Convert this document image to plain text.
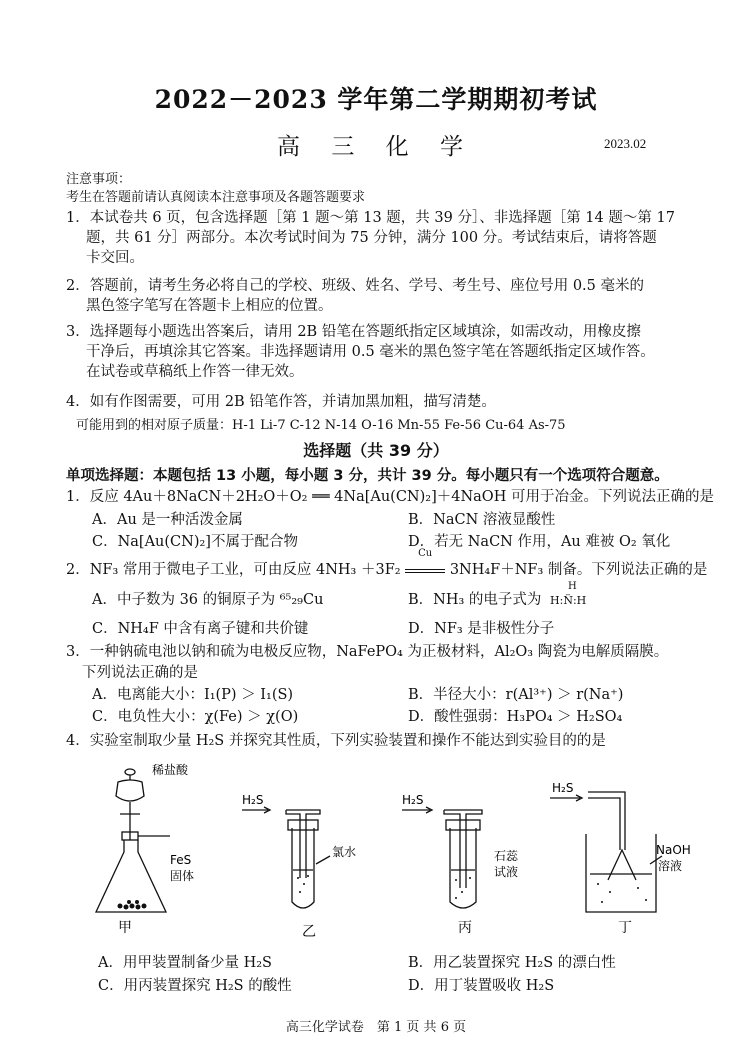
2022－2023 学年第二学期期初考试
高 三 化 学	2023.02
注意事项：
考生在答题前请认真阅读本注意事项及各题答题要求
1．本试卷共 6 页，包含选择题［第 1 题～第 13 题，共 39 分］、非选择题［第 14 题～第 17
题，共 61 分］两部分。本次考试时间为 75 分钟，满分 100 分。考试结束后，请将答题
卡交回。
2．答题前，请考生务必将自己的学校、班级、姓名、学号、考生号、座位号用 0.5 毫米的
黑色签字笔写在答题卡上相应的位置。
3．选择题每小题选出答案后，请用 2B 铅笔在答题纸指定区域填涂，如需改动，用橡皮擦
干净后，再填涂其它答案。非选择题请用 0.5 毫米的黑色签字笔在答题纸指定区域作答。
在试卷或草稿纸上作答一律无效。
4．如有作图需要，可用 2B 铅笔作答，并请加黑加粗，描写清楚。
可能用到的相对原子质量：H-1 Li-7 C-12 N-14 O-16 Mn-55 Fe-56 Cu-64 As-75
选择题（共 39 分）
单项选择题：本题包括 13 小题，每小题 3 分，共计 39 分。每小题只有一个选项符合题意。
1．反应 4Au＋8NaCN＋2H₂O＋O₂ ══ 4Na[Au(CN)₂]＋4NaOH 可用于冶金。下列说法正确的是
A．Au 是一种活泼金属	B．NaCN 溶液显酸性
C．Na[Au(CN)₂]不属于配合物	D．若无 NaCN 作用，Au 难被 O₂ 氧化
2．NF₃ 常用于微电子工业，可由反应 4NH₃ ＋3F₂
Cu
3NH₄F＋NF₃ 制备。下列说法正确的是
A．中子数为 36 的铜原子为 ⁶⁵₂₉Cu	B．NH₃ 的电子式为
H
H:N̈:H
C．NH₄F 中含有离子键和共价键	D．NF₃ 是非极性分子
3．一种钠硫电池以钠和硫为电极反应物，NaFePO₄ 为正极材料，Al₂O₃ 陶瓷为电解质隔膜。
下列说法正确的是
A．电离能大小：I₁(P) ＞ I₁(S)	B．半径大小：r(Al³⁺) ＞ r(Na⁺)
C．电负性大小：χ(Fe) ＞ χ(O)	D．酸性强弱：H₃PO₄ ＞ H₂SO₄
4．实验室制取少量 H₂S 并探究其性质，下列实验装置和操作不能达到实验目的的是
稀盐酸
FeS
固体
H₂S
氯水
H₂S
石蕊
试液
H₂S
NaOH
溶液
甲	乙	丙	丁
A．用甲装置制备少量 H₂S	B．用乙装置探究 H₂S 的漂白性
C．用丙装置探究 H₂S 的酸性	D．用丁装置吸收 H₂S
高三化学试卷　第 1 页 共 6 页
